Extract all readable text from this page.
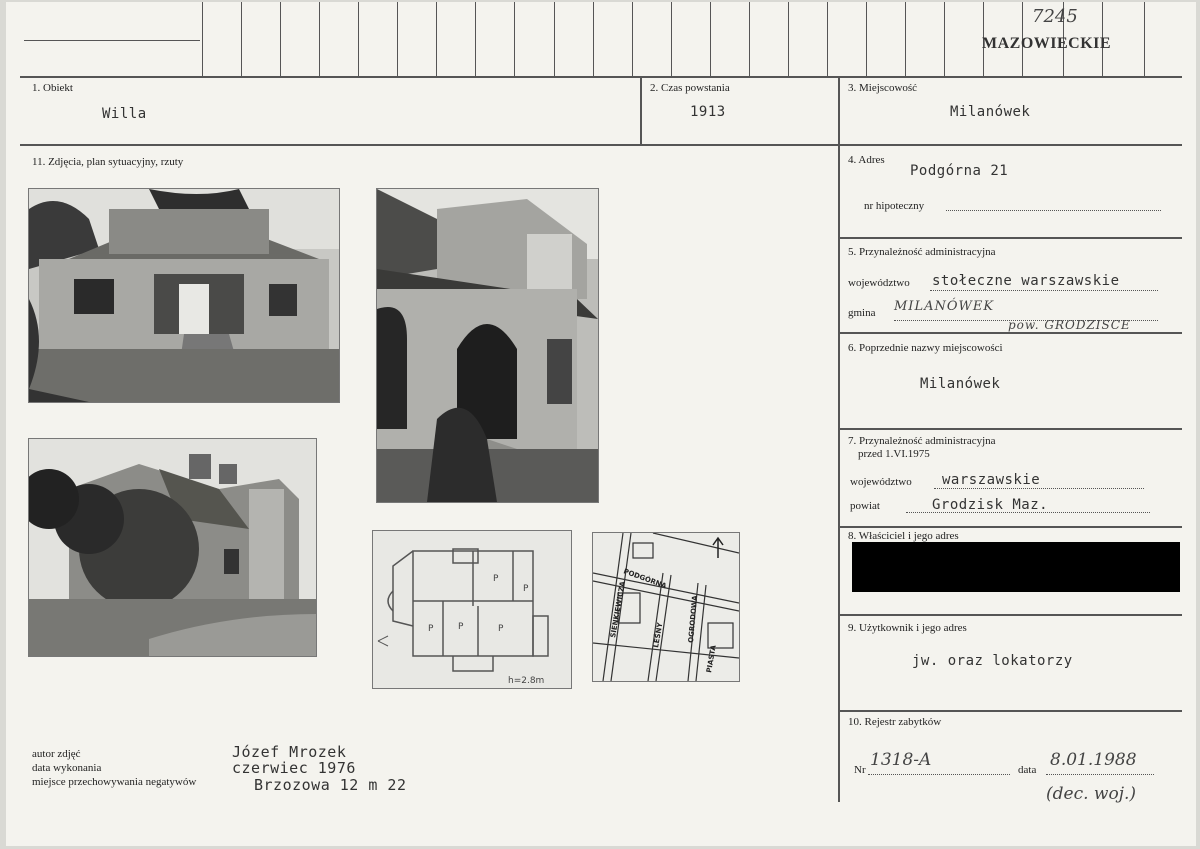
MAZOWIECKIE
7245
1. Obiekt
Willa
2. Czas powstania
1913
3. Miejscowość
Milanówek
11. Zdjęcia, plan sytuacyjny, rzuty
P
P
P	P	P
h=2.8m
PODGÓRNA
SIENKIEWICZA	LEŚNY	OGRODOWA
PIASTA
autor zdjęć
data wykonania
miejsce przechowywania negatywów
Józef Mrozek
czerwiec 1976
Brzozowa 12 m 22
4. Adres
Podgórna 21
nr hipoteczny
5. Przynależność administracyjna
województwo stołeczne warszawskie
gmina MILANÓWEK
pow. GRODZISCE
6. Poprzednie nazwy miejscowości
Milanówek
7. Przynależność administracyjna
przed 1.VI.1975
województwo warszawskie
powiat	Grodzisk Maz.
8. Właściciel i jego adres
9. Użytkownik i jego adres
jw. oraz lokatorzy
10. Rejestr zabytków
Nr 1318-A	data 8.01.1988
(dec. woj.)
